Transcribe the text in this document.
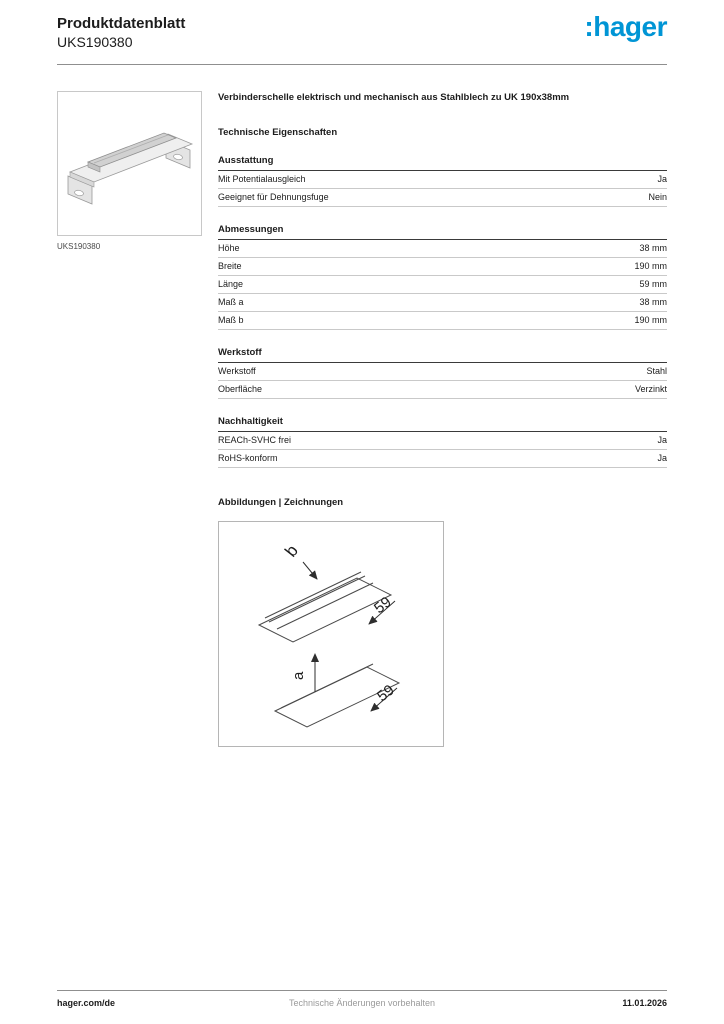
Produktdatenblatt
UKS190380	:hager
UKS190380
Verbinderschelle elektrisch und mechanisch aus Stahlblech zu UK 190x38mm
Technische Eigenschaften
Ausstattung
Mit Potentialausgleich	Ja
Geeignet für Dehnungsfuge	Nein
Abmessungen
Höhe	38 mm
Breite	190 mm
Länge	59 mm
Maß a	38 mm
Maß b	190 mm
Werkstoff
Werkstoff	Stahl
Oberfläche	Verzinkt
Nachhaltigkeit
REACh-SVHC frei	Ja
RoHS-konform	Ja
Abbildungen | Zeichnungen
b
59
a
59
hager.com/de	Technische Änderungen vorbehalten	11.01.2026
